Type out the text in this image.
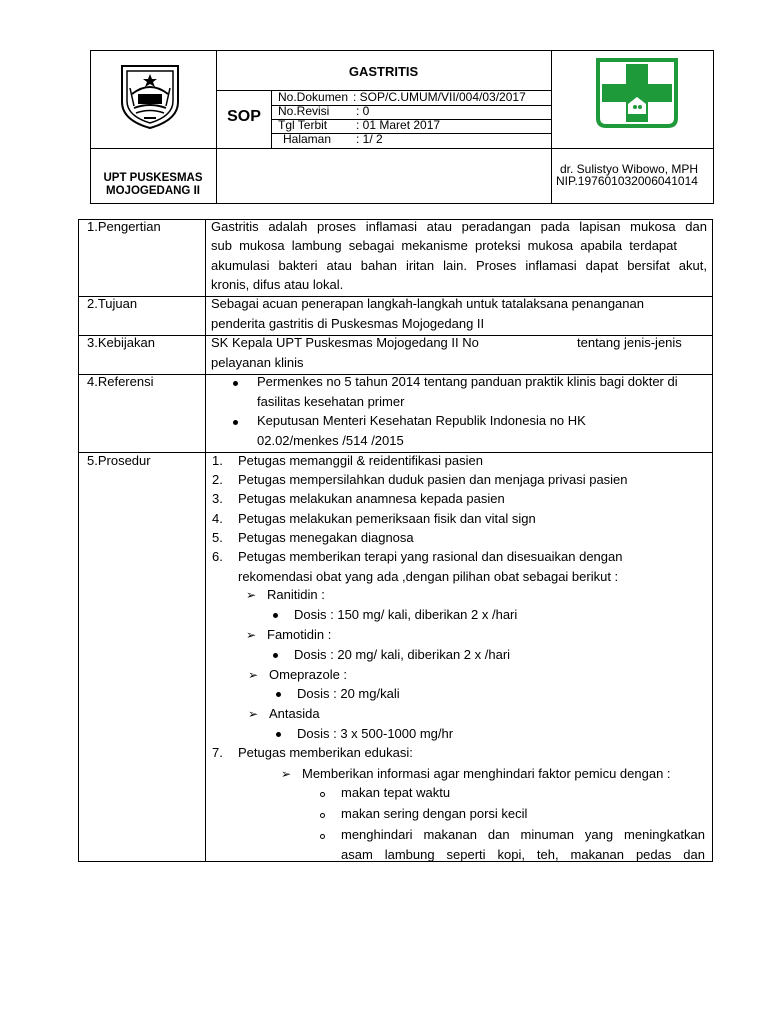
UPT PUSKESMAS
MOJOGEDANG II
GASTRITIS
SOP
No.Dokumen : SOP/C.UMUM/VII/004/03/2017
No.Revisi : 0
Tgl Terbit : 01 Maret 2017
Halaman : 1/ 2
dr. Sulistyo Wibowo, MPH
NIP.197601032006041014
1.Pengertian	Gastritis adalah proses inflamasi atau peradangan pada lapisan mukosa dan
sub mukosa lambung sebagai mekanisme proteksi mukosa apabila terdapat
akumulasi bakteri atau bahan iritan lain. Proses inflamasi dapat bersifat akut,
kronis, difus atau lokal.
2.Tujuan	Sebagai acuan penerapan langkah-langkah untuk tatalaksana penanganan
penderita gastritis di Puskesmas Mojogedang II
3.Kebijakan	SK Kepala UPT Puskesmas Mojogedang II No	tentang jenis-jenis
pelayanan klinis
4.Referensi	Permenkes no 5 tahun 2014 tentang panduan praktik klinis bagi dokter di
fasilitas kesehatan primer
Keputusan Menteri Kesehatan Republik Indonesia no HK
02.02/menkes /514 /2015
5.Prosedur	1. Petugas memanggil & reidentifikasi pasien
2. Petugas mempersilahkan duduk pasien dan menjaga privasi pasien
3. Petugas melakukan anamnesa kepada pasien
4. Petugas melakukan pemeriksaan fisik dan vital sign
5. Petugas menegakan diagnosa
6. Petugas memberikan terapi yang rasional dan disesuaikan dengan
rekomendasi obat yang ada ,dengan pilihan obat sebagai berikut :
➢ Ranitidin :
Dosis : 150 mg/ kali, diberikan 2 x /hari
➢ Famotidin :
Dosis : 20 mg/ kali, diberikan 2 x /hari
➢ Omeprazole :
Dosis : 20 mg/kali
➢ Antasida
Dosis : 3 x 500-1000 mg/hr
7. Petugas memberikan edukasi:
➢ Memberikan informasi agar menghindari faktor pemicu dengan :
makan tepat waktu
makan sering dengan porsi kecil
menghindari makanan dan minuman yang meningkatkan
asam lambung seperti kopi, teh, makanan pedas dan
